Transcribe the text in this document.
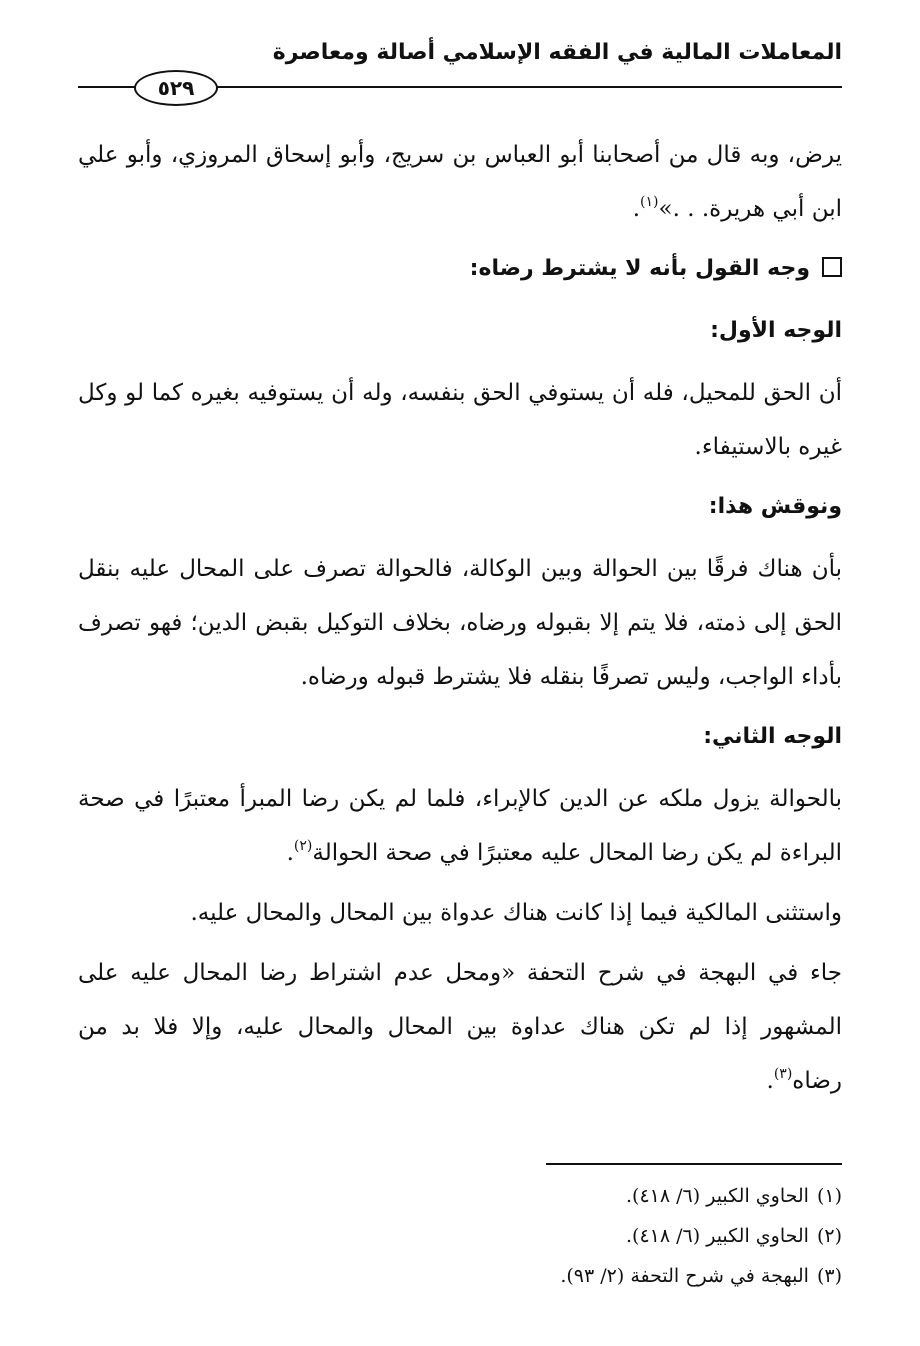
المعاملات المالية في الفقه الإسلامي أصالة ومعاصرة
٥٢٩

يرض، وبه قال من أصحابنا أبو العباس بن سريج، وأبو إسحاق المروزي، وأبو علي ابن أبي هريرة. . .»$^{(١)}$.

وجه القول بأنه لا يشترط رضاه:
الوجه الأول:

أن الحق للمحيل، فله أن يستوفي الحق بنفسه، وله أن يستوفيه بغيره كما لو وكل غيره بالاستيفاء.

ونوقش هذا:

بأن هناك فرقًا بين الحوالة وبين الوكالة، فالحوالة تصرف على المحال عليه بنقل الحق إلى ذمته، فلا يتم إلا بقبوله ورضاه، بخلاف التوكيل بقبض الدين؛ فهو تصرف بأداء الواجب، وليس تصرفًا بنقله فلا يشترط قبوله ورضاه.

الوجه الثاني:

بالحوالة يزول ملكه عن الدين كالإبراء، فلما لم يكن رضا المبرأ معتبرًا في صحة البراءة لم يكن رضا المحال عليه معتبرًا في صحة الحوالة$^{(٢)}$.

واستثنى المالكية فيما إذا كانت هناك عدواة بين المحال والمحال عليه.

جاء في البهجة في شرح التحفة «ومحل عدم اشتراط رضا المحال عليه على المشهور إذا لم تكن هناك عداوة بين المحال والمحال عليه، وإلا فلا بد من رضاه$^{(٣)}$.

(١)الحاوي الكبير (٦/ ٤١٨).
(٢)الحاوي الكبير (٦/ ٤١٨).
(٣)البهجة في شرح التحفة (٢/ ٩٣).
